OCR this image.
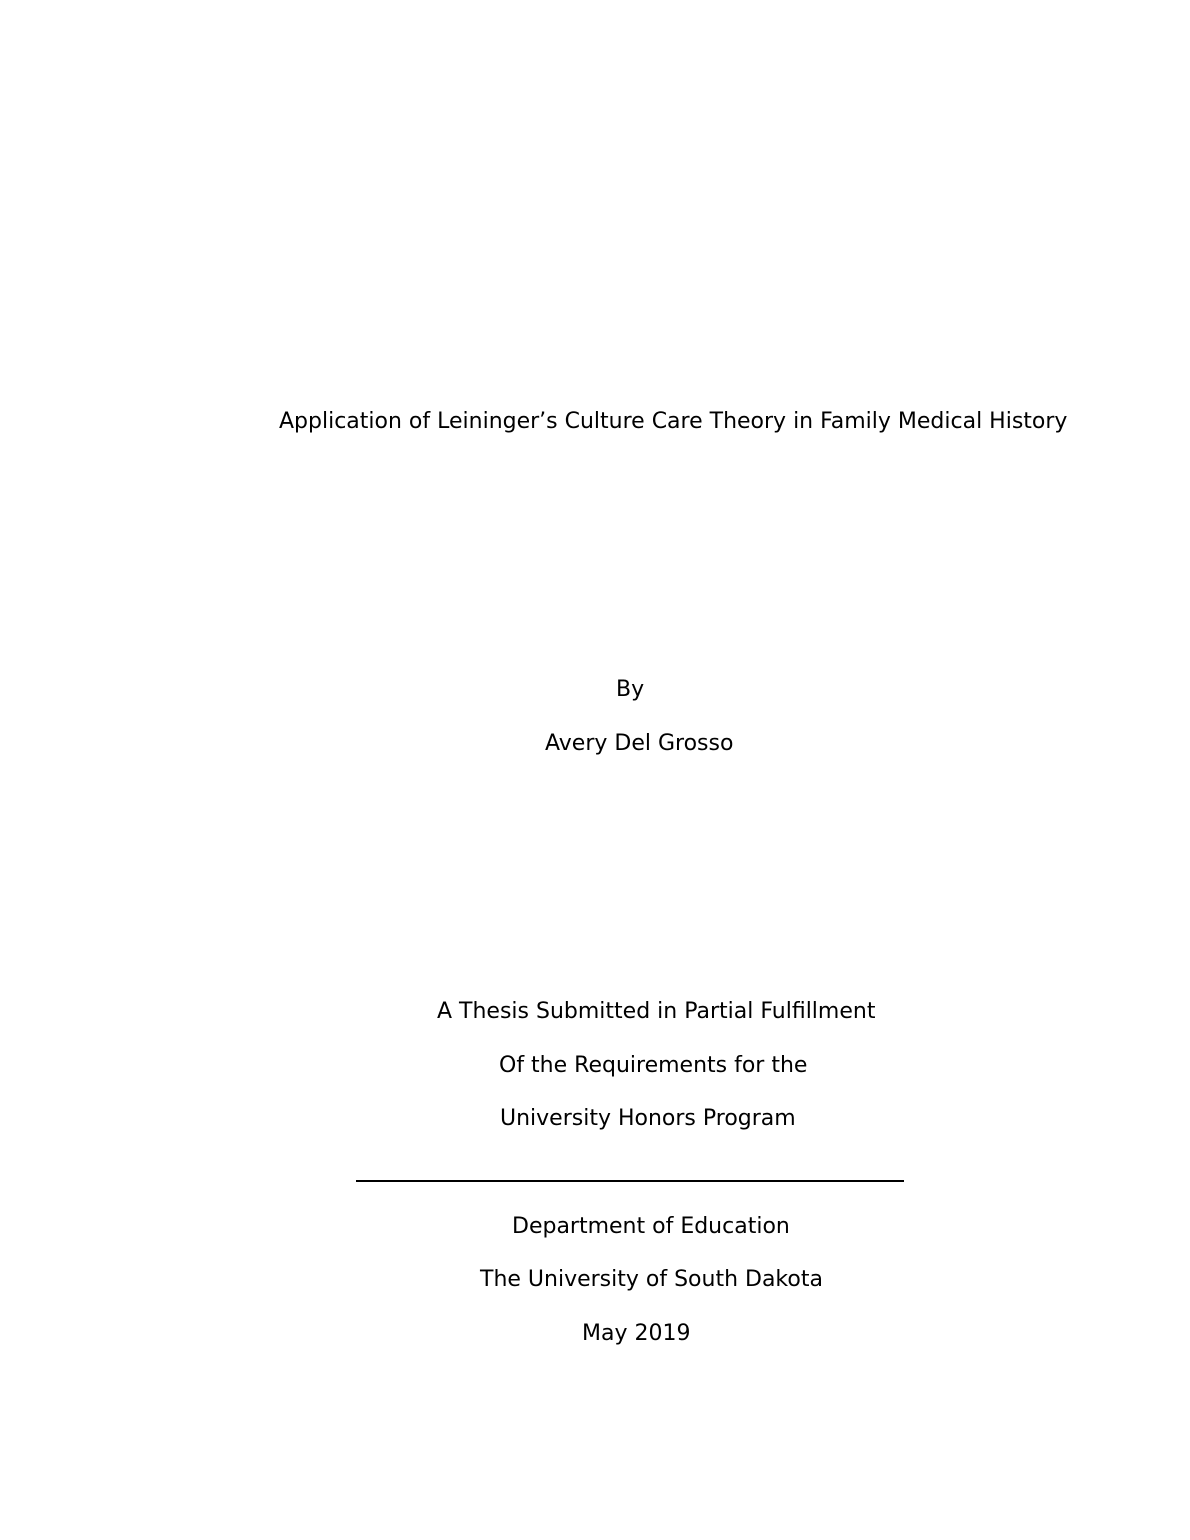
Application of Leininger’s Culture Care Theory in Family Medical History
By
Avery Del Grosso
A Thesis Submitted in Partial Fulfillment
Of the Requirements for the
University Honors Program
Department of Education
The University of South Dakota
May 2019
